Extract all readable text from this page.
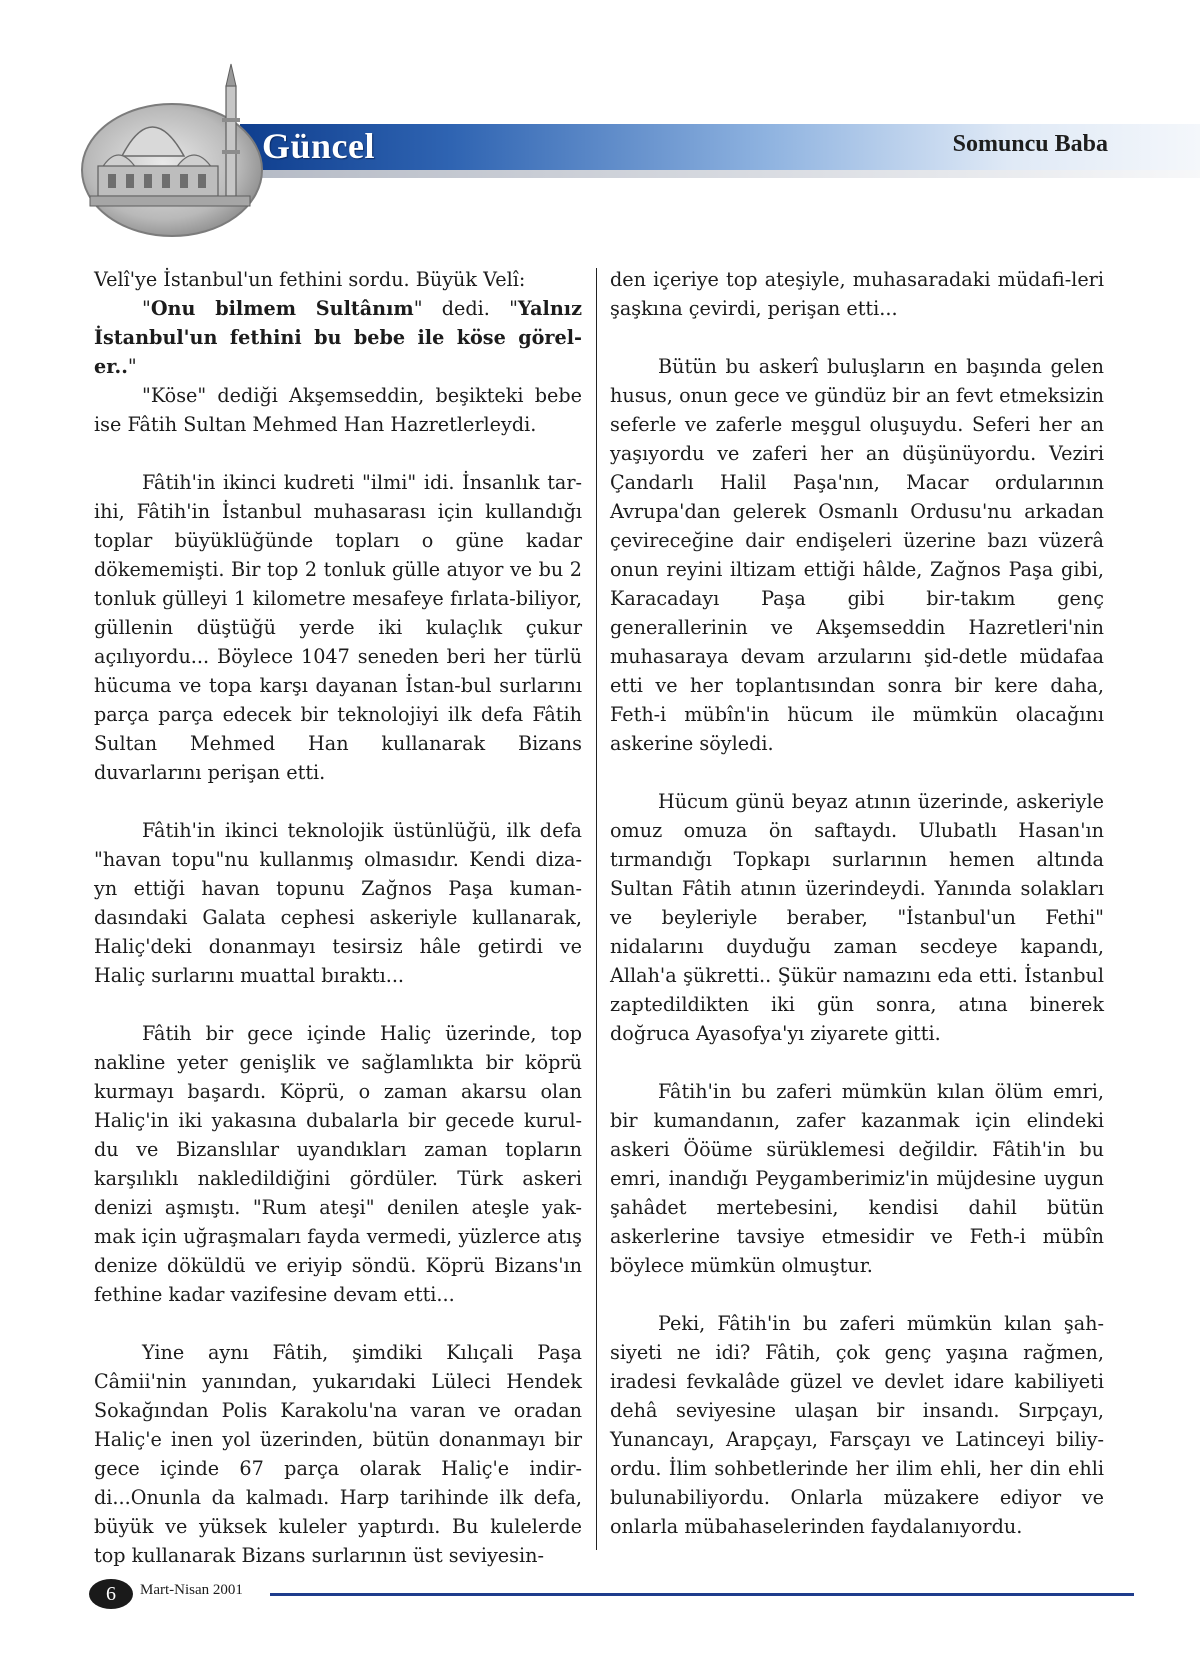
Güncel	Somuncu Baba

Velî'ye İstanbul'un fethini sordu. Büyük Velî:

"Onu bilmem Sultânım" dedi. "Yalnız İstanbul'un fethini bu bebe ile köse görel-er.."

"Köse" dediği Akşemseddin, beşikteki bebe ise Fâtih Sultan Mehmed Han Hazretlerleydi.

Fâtih'in ikinci kudreti "ilmi" idi. İnsanlık tar-ihi, Fâtih'in İstanbul muhasarası için kullandığı toplar büyüklüğünde topları o güne kadar dökememişti. Bir top 2 tonluk gülle atıyor ve bu 2 tonluk gülleyi 1 kilometre mesafeye fırlata-biliyor, güllenin düştüğü yerde iki kulaçlık çukur açılıyordu... Böylece 1047 seneden beri her türlü hücuma ve topa karşı dayanan İstan-bul surlarını parça parça edecek bir teknolojiyi ilk defa Fâtih Sultan Mehmed Han kullanarak Bizans duvarlarını perişan etti.

Fâtih'in ikinci teknolojik üstünlüğü, ilk defa "havan topu"nu kullanmış olmasıdır. Kendi diza-yn ettiği havan topunu Zağnos Paşa kuman-dasındaki Galata cephesi askeriyle kullanarak, Haliç'deki donanmayı tesirsiz hâle getirdi ve Haliç surlarını muattal bıraktı...

Fâtih bir gece içinde Haliç üzerinde, top nakline yeter genişlik ve sağlamlıkta bir köprü kurmayı başardı. Köprü, o zaman akarsu olan Haliç'in iki yakasına dubalarla bir gecede kurul-du ve Bizanslılar uyandıkları zaman topların karşılıklı nakledildiğini gördüler. Türk askeri denizi aşmıştı. "Rum ateşi" denilen ateşle yak-mak için uğraşmaları fayda vermedi, yüzlerce atış denize döküldü ve eriyip söndü. Köprü Bizans'ın fethine kadar vazifesine devam etti...

Yine aynı Fâtih, şimdiki Kılıçali Paşa Câmii'nin yanından, yukarıdaki Lüleci Hendek Sokağından Polis Karakolu'na varan ve oradan Haliç'e inen yol üzerinden, bütün donanmayı bir gece içinde 67 parça olarak Haliç'e indir-di...Onunla da kalmadı. Harp tarihinde ilk defa, büyük ve yüksek kuleler yaptırdı. Bu kulelerde top kullanarak Bizans surlarının üst seviyesin-

den içeriye top ateşiyle, muhasaradaki müdafi-leri şaşkına çevirdi, perişan etti...

Bütün bu askerî buluşların en başında gelen husus, onun gece ve gündüz bir an fevt etmeksizin seferle ve zaferle meşgul oluşuydu. Seferi her an yaşıyordu ve zaferi her an düşünüyordu. Veziri Çandarlı Halil Paşa'nın, Macar ordularının Avrupa'dan gelerek Osmanlı Ordusu'nu arkadan çevireceğine dair endişeleri üzerine bazı vüzerâ onun reyini iltizam ettiği hâlde, Zağnos Paşa gibi, Karacadayı Paşa gibi bir-takım genç generallerinin ve Akşemseddin Hazretleri'nin muhasaraya devam arzularını şid-detle müdafaa etti ve her toplantısından sonra bir kere daha, Feth-i mübîn'in hücum ile mümkün olacağını askerine söyledi.

Hücum günü beyaz atının üzerinde, askeriyle omuz omuza ön saftaydı. Ulubatlı Hasan'ın tırmandığı Topkapı surlarının hemen altında Sultan Fâtih atının üzerindeydi. Yanında solakları ve beyleriyle beraber, "İstanbul'un Fethi" nidalarını duyduğu zaman secdeye kapandı, Allah'a şükretti.. Şükür namazını eda etti. İstanbul zaptedildikten iki gün sonra, atına binerek doğruca Ayasofya'yı ziyarete gitti.

Fâtih'in bu zaferi mümkün kılan ölüm emri, bir kumandanın, zafer kazanmak için elindeki askeri Ööüme sürüklemesi değildir. Fâtih'in bu emri, inandığı Peygamberimiz'in müjdesine uygun şahâdet mertebesini, kendisi dahil bütün askerlerine tavsiye etmesidir ve Feth-i mübîn böylece mümkün olmuştur.

Peki, Fâtih'in bu zaferi mümkün kılan şah-siyeti ne idi? Fâtih, çok genç yaşına rağmen, iradesi fevkalâde güzel ve devlet idare kabiliyeti dehâ seviyesine ulaşan bir insandı. Sırpçayı, Yunancayı, Arapçayı, Farsçayı ve Latinceyi biliy-ordu. İlim sohbetlerinde her ilim ehli, her din ehli bulunabiliyordu. Onlarla müzakere ediyor ve onlarla mübahaselerinden faydalanıyordu.

6	Mart-Nisan 2001
